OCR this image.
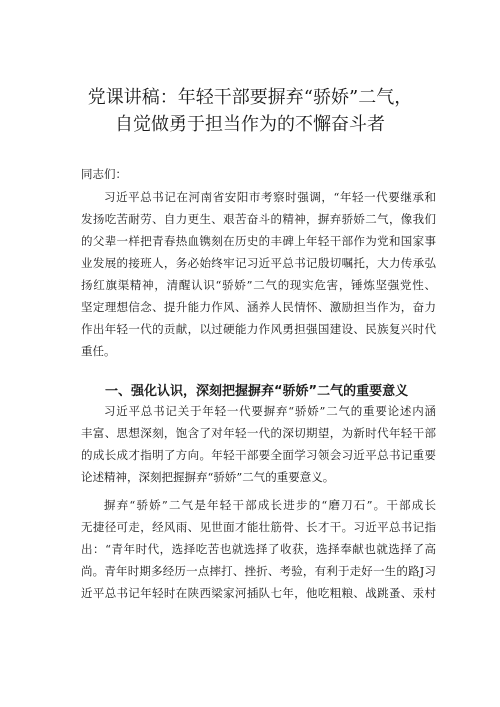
党课讲稿：年轻干部要摒弃“骄娇”二气，
自觉做勇于担当作为的不懈奋斗者
同志们：
习近平总书记在河南省安阳市考察时强调，“年轻一代要继承和
发扬吃苦耐劳、自力更生、艰苦奋斗的精神，摒弃骄娇二气，像我们
的父辈一样把青春热血镌刻在历史的丰碑上年轻干部作为党和国家事
业发展的接班人，务必始终牢记习近平总书记殷切嘱托，大力传承弘
扬红旗渠精神，清醒认识“骄娇”二气的现实危害，锤炼坚强党性、
坚定理想信念、提升能力作风、涵养人民情怀、激励担当作为，奋力
作出年轻一代的贡献，以过硬能力作风勇担强国建设、民族复兴时代
重任。
一、强化认识，深刻把握摒弃“骄娇”二气的重要意义
习近平总书记关于年轻一代要摒弃“骄娇”二气的重要论述内涵
丰富、思想深刻，饱含了对年轻一代的深切期望，为新时代年轻干部
的成长成才指明了方向。年轻干部要全面学习领会习近平总书记重要
论述精神，深刻把握摒弃“骄娇”二气的重要意义。
摒弃“骄娇”二气是年轻干部成长进步的“磨刀石”。干部成长
无捷径可走，经风雨、见世面才能壮筋骨、长才干。习近平总书记指
出：“青年时代，选择吃苦也就选择了收获，选择奉献也就选择了高
尚。青年时期多经历一点摔打、挫折、考验，有利于走好一生的路J习
近平总书记年轻时在陕西梁家河插队七年，他吃粗粮、战跳蚤、汞村
